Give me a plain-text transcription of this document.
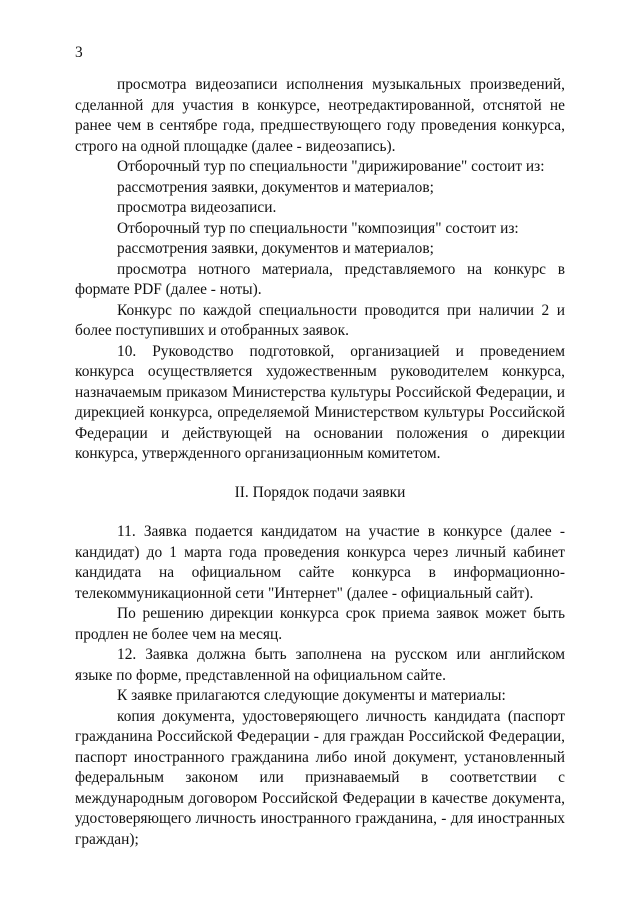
3

просмотра видеозаписи исполнения музыкальных произведений, сделанной для участия в конкурсе, неотредактированной, отснятой не ранее чем в сентябре года, предшествующего году проведения конкурса, строго на одной площадке (далее - видеозапись).

Отборочный тур по специальности "дирижирование" состоит из:

рассмотрения заявки, документов и материалов;

просмотра видеозаписи.

Отборочный тур по специальности "композиция" состоит из:

рассмотрения заявки, документов и материалов;

просмотра нотного материала, представляемого на конкурс в формате PDF (далее - ноты).

Конкурс по каждой специальности проводится при наличии 2 и более поступивших и отобранных заявок.

10. Руководство подготовкой, организацией и проведением конкурса осуществляется художественным руководителем конкурса, назначаемым приказом Министерства культуры Российской Федерации, и дирекцией конкурса, определяемой Министерством культуры Российской Федерации и действующей на основании положения о дирекции конкурса, утвержденного организационным комитетом.

II. Порядок подачи заявки

11. Заявка подается кандидатом на участие в конкурсе (далее - кандидат) до 1 марта года проведения конкурса через личный кабинет кандидата на официальном сайте конкурса в информационно-телекоммуникационной сети "Интернет" (далее - официальный сайт).

По решению дирекции конкурса срок приема заявок может быть продлен не более чем на месяц.

12. Заявка должна быть заполнена на русском или английском языке по форме, представленной на официальном сайте.

К заявке прилагаются следующие документы и материалы:

копия документа, удостоверяющего личность кандидата (паспорт гражданина Российской Федерации - для граждан Российской Федерации, паспорт иностранного гражданина либо иной документ, установленный федеральным законом или признаваемый в соответствии с международным договором Российской Федерации в качестве документа, удостоверяющего личность иностранного гражданина, - для иностранных граждан);
